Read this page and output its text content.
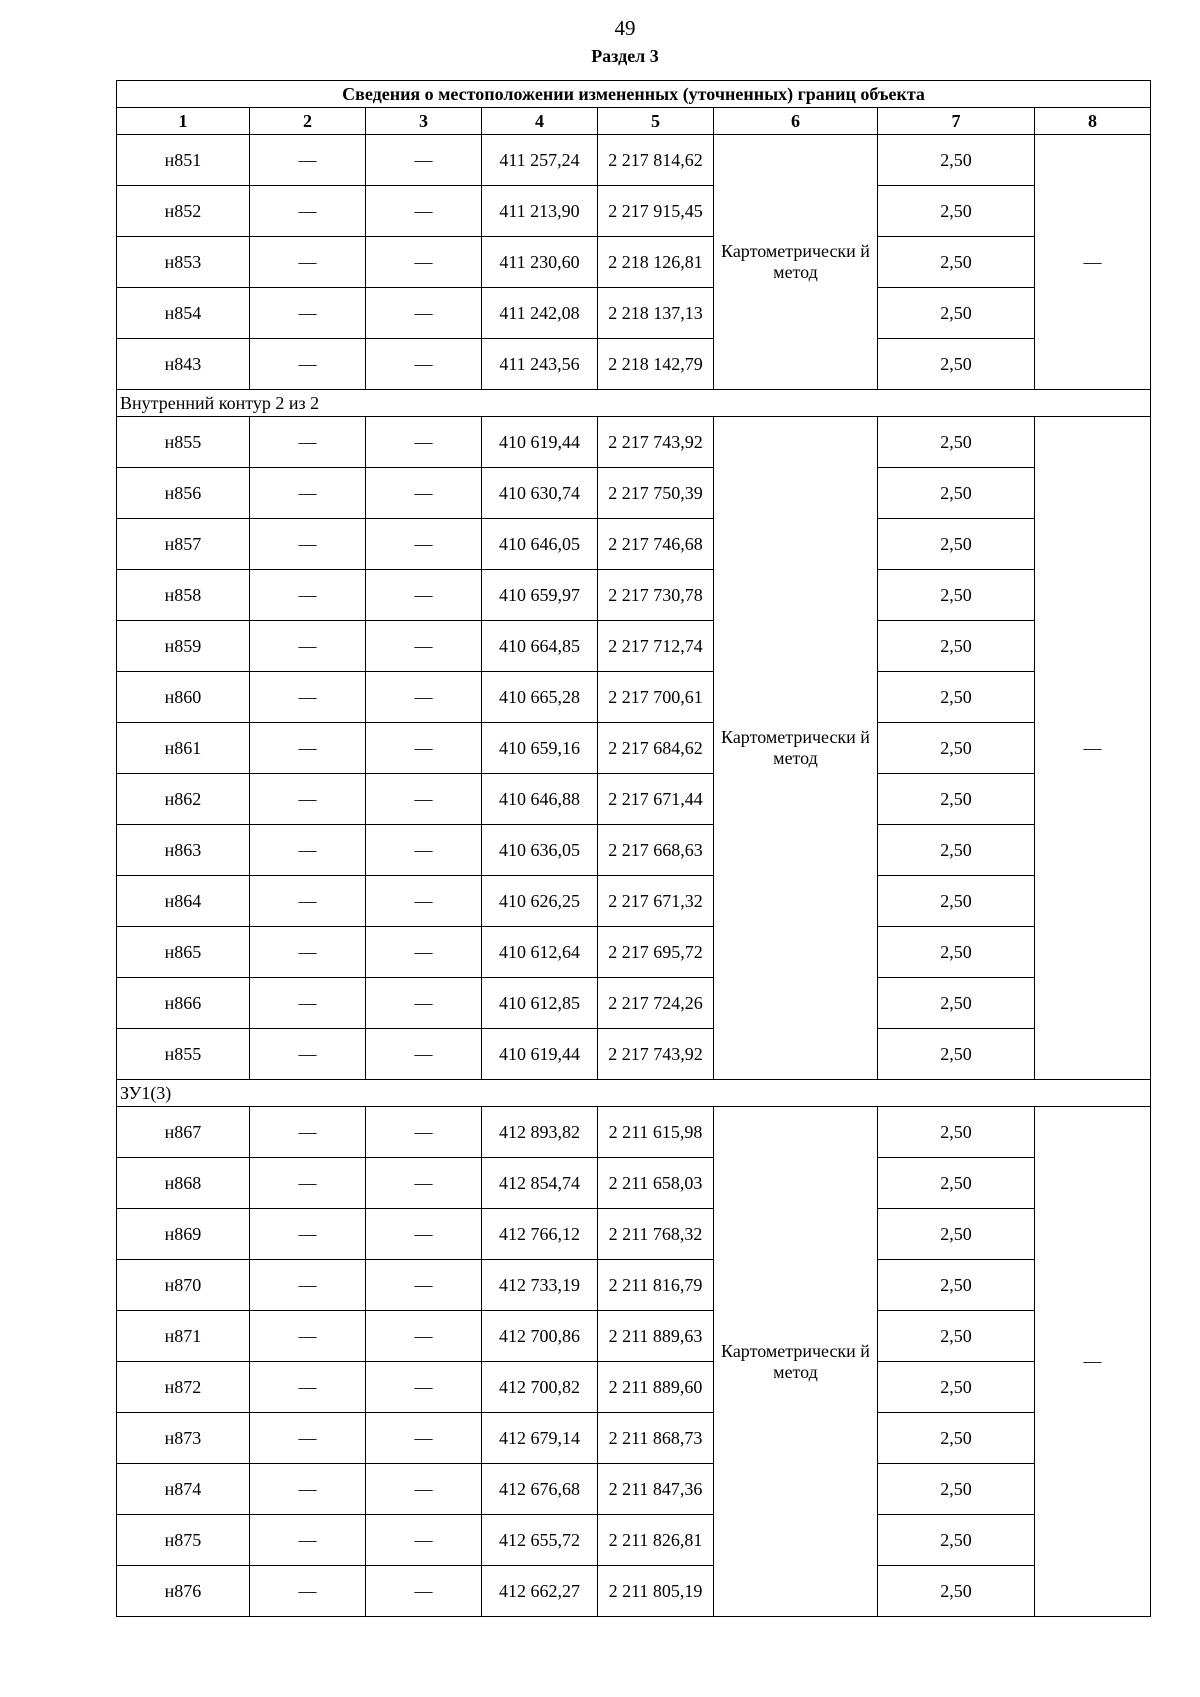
49
Раздел 3
Сведения о местоположении измененных (уточненных) границ объекта							
1	2	3	4	5	6	7	8
н851	—	—	411 257,24	2 217 814,62	Картометрически й метод	2,50	—
н852	—	—	411 213,90	2 217 915,45		2,50	
н853	—	—	411 230,60	2 218 126,81		2,50	
н854	—	—	411 242,08	2 218 137,13		2,50	
н843	—	—	411 243,56	2 218 142,79		2,50	
Внутренний контур 2 из 2							
н855	—	—	410 619,44	2 217 743,92	Картометрически й метод	2,50	—
н856	—	—	410 630,74	2 217 750,39		2,50	
н857	—	—	410 646,05	2 217 746,68		2,50	
н858	—	—	410 659,97	2 217 730,78		2,50	
н859	—	—	410 664,85	2 217 712,74		2,50	
н860	—	—	410 665,28	2 217 700,61		2,50	
н861	—	—	410 659,16	2 217 684,62		2,50	
н862	—	—	410 646,88	2 217 671,44		2,50	
н863	—	—	410 636,05	2 217 668,63		2,50	
н864	—	—	410 626,25	2 217 671,32		2,50	
н865	—	—	410 612,64	2 217 695,72		2,50	
н866	—	—	410 612,85	2 217 724,26		2,50	
н855	—	—	410 619,44	2 217 743,92		2,50	
ЗУ1(3)							
н867	—	—	412 893,82	2 211 615,98	Картометрически й метод	2,50	—
н868	—	—	412 854,74	2 211 658,03		2,50	
н869	—	—	412 766,12	2 211 768,32		2,50	
н870	—	—	412 733,19	2 211 816,79		2,50	
н871	—	—	412 700,86	2 211 889,63		2,50	
н872	—	—	412 700,82	2 211 889,60		2,50	
н873	—	—	412 679,14	2 211 868,73		2,50	
н874	—	—	412 676,68	2 211 847,36		2,50	
н875	—	—	412 655,72	2 211 826,81		2,50	
н876	—	—	412 662,27	2 211 805,19		2,50	
